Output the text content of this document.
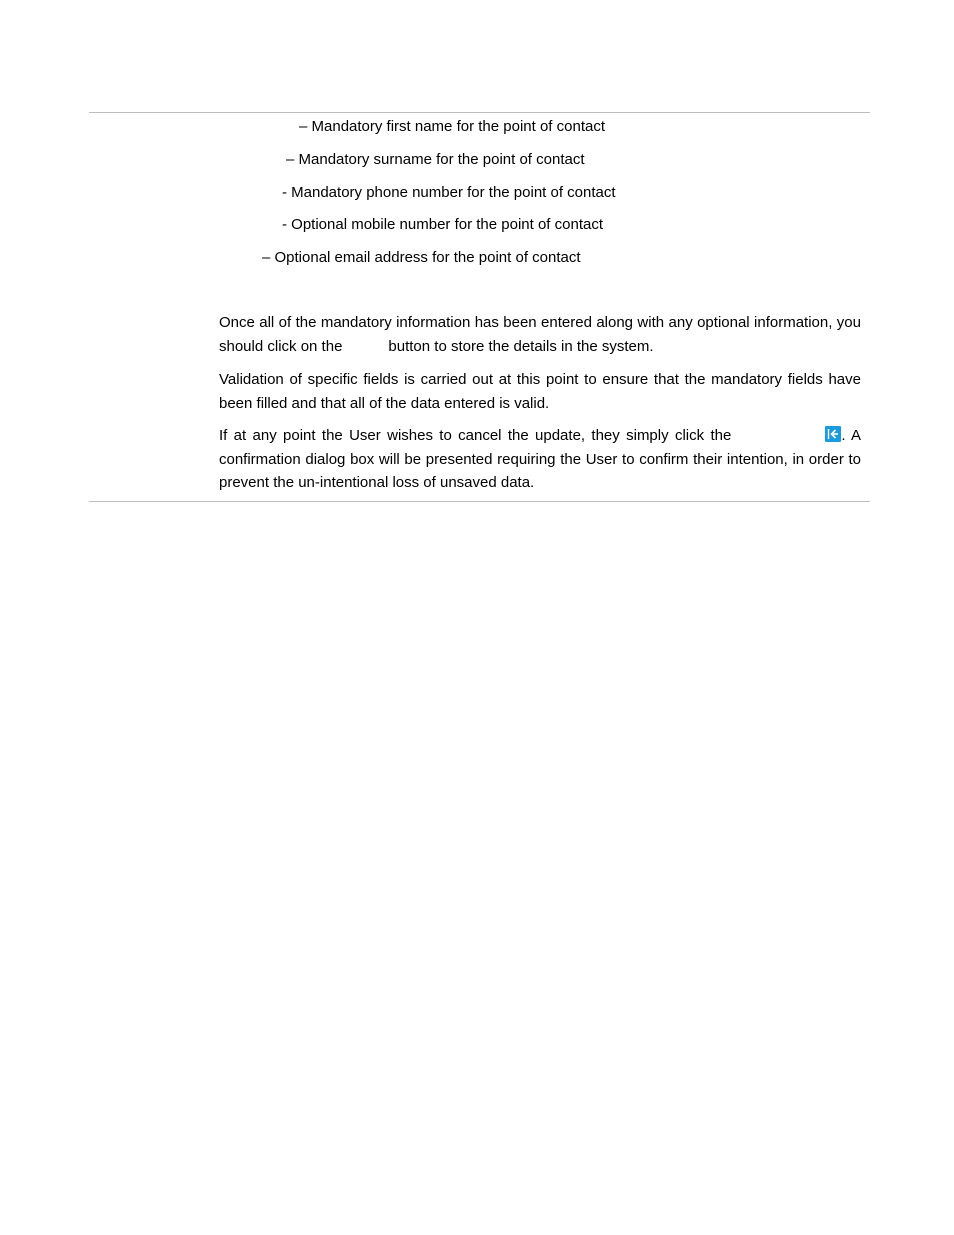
– Mandatory first name for the point of contact
– Mandatory surname for the point of contact
- Mandatory phone number for the point of contact
- Optional mobile number for the point of contact
– Optional email address for the point of contact

Once all of the mandatory information has been entered along with any optional information, you should click on the	button to store the details in the system.

Validation of specific fields is carried out at this point to ensure that the mandatory fields have been filled and that all of the data entered is valid.

If at any point the User wishes to cancel the update, they simply click the	. A confirmation dialog box will be presented requiring the User to confirm their intention, in order to prevent the un-intentional loss of unsaved data.
